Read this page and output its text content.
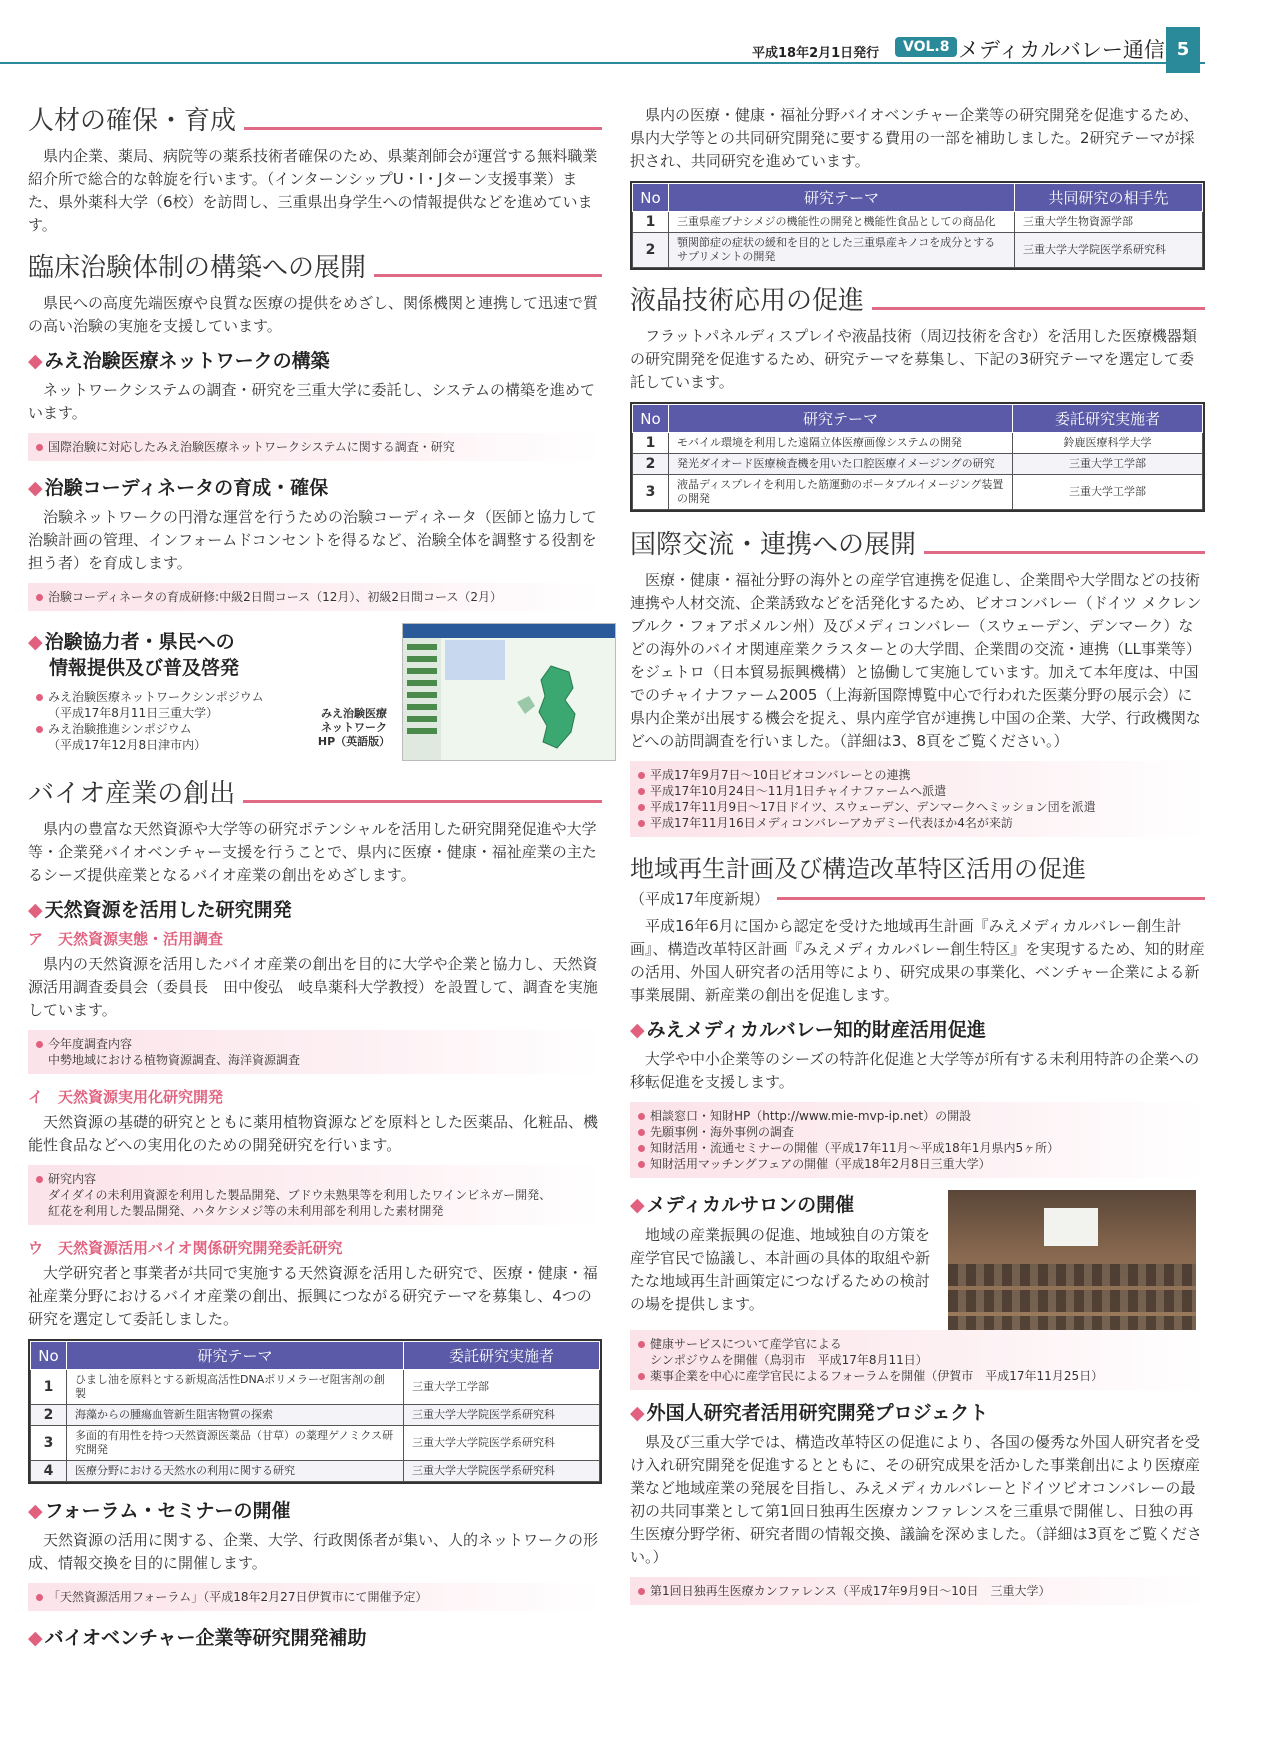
平成18年2月1日発行	VOL.8 メディカルバレー通信 5
人材の確保・育成

県内企業、薬局、病院等の薬系技術者確保のため、県薬剤師会が運営する無料職業紹介所で総合的な斡旋を行います。（インターンシップU・I・Jターン支援事業）また、県外薬科大学（6校）を訪問し、三重県出身学生への情報提供などを進めています。

臨床治験体制の構築への展開

県民への高度先端医療や良質な医療の提供をめざし、関係機関と連携して迅速で質の高い治験の実施を支援しています。

◆ みえ治験医療ネットワークの構築

ネットワークシステムの調査・研究を三重大学に委託し、システムの構築を進めています。

国際治験に対応したみえ治験医療ネットワークシステムに関する調査・研究
◆ 治験コーディネータの育成・確保

治験ネットワークの円滑な運営を行うための治験コーディネータ（医師と協力して治験計画の管理、インフォームドコンセントを得るなど、治験全体を調整する役割を担う者）を育成します。

治験コーディネータの育成研修:中級2日間コース（12月）、初級2日間コース（2月）
◆ 治験協力者・県民への
情報提供及び普及啓発
みえ治験医療ネットワークシンポジウム
（平成17年8月11日三重大学）
みえ治験推進シンポジウム
（平成17年12月8日津市内）
みえ治験医療
ネットワーク
HP（英語版）
バイオ産業の創出

県内の豊富な天然資源や大学等の研究ポテンシャルを活用した研究開発促進や大学等・企業発バイオベンチャー支援を行うことで、県内に医療・健康・福祉産業の主たるシーズ提供産業となるバイオ産業の創出をめざします。

◆ 天然資源を活用した研究開発
ア　天然資源実態・活用調査

県内の天然資源を活用したバイオ産業の創出を目的に大学や企業と協力し、天然資源活用調査委員会（委員長　田中俊弘　岐阜薬科大学教授）を設置して、調査を実施しています。

今年度調査内容
中勢地域における植物資源調査、海洋資源調査
イ　天然資源実用化研究開発

天然資源の基礎的研究とともに薬用植物資源などを原料とした医薬品、化粧品、機能性食品などへの実用化のための開発研究を行います。

研究内容
ダイダイの未利用資源を利用した製品開発、ブドウ未熟果等を利用したワインビネガー開発、
紅花を利用した製品開発、ハタケシメジ等の未利用部を利用した素材開発
ウ　天然資源活用バイオ関係研究開発委託研究

大学研究者と事業者が共同で実施する天然資源を活用した研究で、医療・健康・福祉産業分野におけるバイオ産業の創出、振興につながる研究テーマを募集し、4つの研究を選定して委託しました。

No	研究テーマ	委託研究実施者
1	ひまし油を原料とする新規高活性DNAポリメラーゼ阻害剤の創製	三重大学工学部
2	海藻からの腫瘍血管新生阻害物質の探索	三重大学大学院医学系研究科
3	多面的有用性を持つ天然資源医薬品（甘草）の薬理ゲノミクス研究開発	三重大学大学院医学系研究科
4	医療分野における天然水の利用に関する研究	三重大学大学院医学系研究科
◆ フォーラム・セミナーの開催

天然資源の活用に関する、企業、大学、行政関係者が集い、人的ネットワークの形成、情報交換を目的に開催します。

「天然資源活用フォーラム」（平成18年2月27日伊賀市にて開催予定）
◆ バイオベンチャー企業等研究開発補助

県内の医療・健康・福祉分野バイオベンチャー企業等の研究開発を促進するため、県内大学等との共同研究開発に要する費用の一部を補助しました。2研究テーマが採択され、共同研究を進めています。

No	研究テーマ	共同研究の相手先
1	三重県産ブナシメジの機能性の開発と機能性食品としての商品化	三重大学生物資源学部
2	顎関節症の症状の緩和を目的とした三重県産キノコを成分とするサプリメントの開発	三重大学大学院医学系研究科
液晶技術応用の促進

フラットパネルディスプレイや液晶技術（周辺技術を含む）を活用した医療機器類の研究開発を促進するため、研究テーマを募集し、下記の3研究テーマを選定して委託しています。

No	研究テーマ	委託研究実施者
1	モバイル環境を利用した遠隔立体医療画像システムの開発	鈴鹿医療科学大学
2	発光ダイオード医療検査機を用いた口腔医療イメージングの研究	三重大学工学部
3	液晶ディスプレイを利用した筋運動のポータブルイメージング装置の開発	三重大学工学部
国際交流・連携への展開

医療・健康・福祉分野の海外との産学官連携を促進し、企業間や大学間などの技術連携や人材交流、企業誘致などを活発化するため、ビオコンバレー（ドイツ メクレンブルク・フォアポメルン州）及びメディコンバレー（スウェーデン、デンマーク）などの海外のバイオ関連産業クラスターとの大学間、企業間の交流・連携（LL事業等）をジェトロ（日本貿易振興機構）と協働して実施しています。加えて本年度は、中国でのチャイナファーム2005（上海新国際博覧中心で行われた医薬分野の展示会）に県内企業が出展する機会を捉え、県内産学官が連携し中国の企業、大学、行政機関などへの訪問調査を行いました。（詳細は3、8頁をご覧ください。）

平成17年9月7日〜10日ビオコンバレーとの連携
平成17年10月24日〜11月1日チャイナファームへ派遣
平成17年11月9日〜17日ドイツ、スウェーデン、デンマークへミッション団を派遣
平成17年11月16日メディコンバレーアカデミー代表ほか4名が来訪
地域再生計画及び構造改革特区活用の促進
（平成17年度新規）

平成16年6月に国から認定を受けた地域再生計画『みえメディカルバレー創生計画』、構造改革特区計画『みえメディカルバレー創生特区』を実現するため、知的財産の活用、外国人研究者の活用等により、研究成果の事業化、ベンチャー企業による新事業展開、新産業の創出を促進します。

◆ みえメディカルバレー知的財産活用促進

大学や中小企業等のシーズの特許化促進と大学等が所有する未利用特許の企業への移転促進を支援します。

相談窓口・知財HP（http://www.mie-mvp-ip.net）の開設
先願事例・海外事例の調査
知財活用・流通セミナーの開催（平成17年11月〜平成18年1月県内5ヶ所）
知財活用マッチングフェアの開催（平成18年2月8日三重大学）
◆ メディカルサロンの開催

地域の産業振興の促進、地域独自の方策を産学官民で協議し、本計画の具体的取組や新たな地域再生計画策定につなげるための検討の場を提供します。

健康サービスについて産学官による
シンポジウムを開催（鳥羽市　平成17年8月11日）
薬事企業を中心に産学官民によるフォーラムを開催（伊賀市　平成17年11月25日）
◆ 外国人研究者活用研究開発プロジェクト

県及び三重大学では、構造改革特区の促進により、各国の優秀な外国人研究者を受け入れ研究開発を促進するとともに、その研究成果を活かした事業創出により医療産業など地域産業の発展を目指し、みえメディカルバレーとドイツビオコンバレーの最初の共同事業として第1回日独再生医療カンファレンスを三重県で開催し、日独の再生医療分野学術、研究者間の情報交換、議論を深めました。（詳細は3頁をご覧ください。）

第1回日独再生医療カンファレンス（平成17年9月9日〜10日　三重大学）
